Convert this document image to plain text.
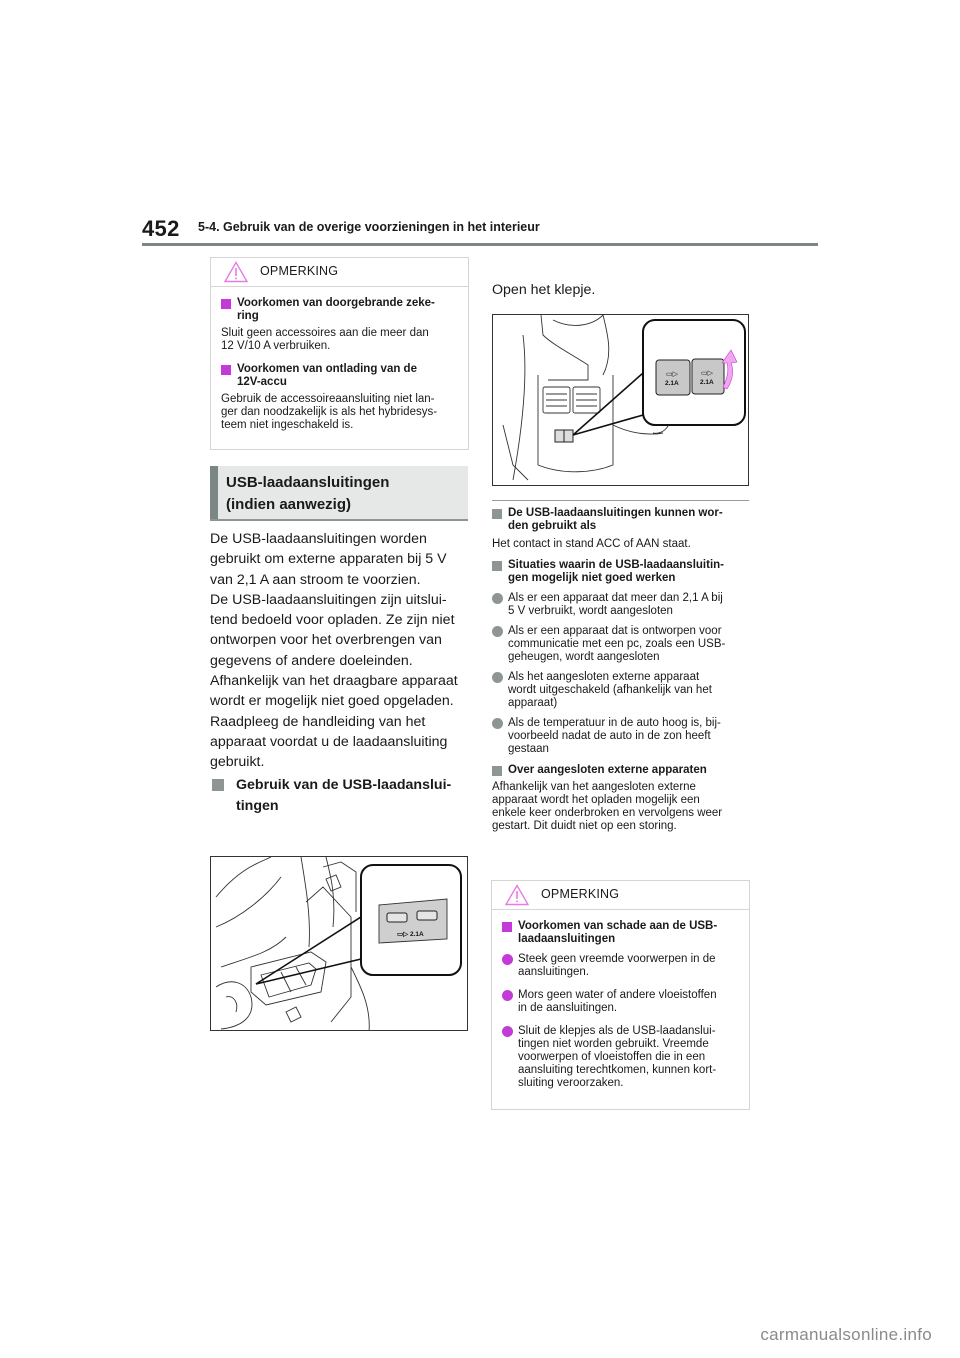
452 5-4. Gebruik van de overige voorzieningen in het interieur
OPMERKING
Voorkomen van doorgebrande zeke-
ring
Sluit geen accessoires aan die meer dan
12 V/10 A verbruiken.
Voorkomen van ontlading van de
12V-accu
Gebruik de accessoireaansluiting niet lan-
ger dan noodzakelijk is als het hybridesys-
teem niet ingeschakeld is.
USB-laadaansluitingen
(indien aanwezig)
De USB-laadaansluitingen worden
gebruikt om externe apparaten bij 5 V
van 2,1 A aan stroom te voorzien.
De USB-laadaansluitingen zijn uitslui-
tend bedoeld voor opladen. Ze zijn niet
ontworpen voor het overbrengen van
gegevens of andere doeleinden.
Afhankelijk van het draagbare apparaat
wordt er mogelijk niet goed opgeladen.
Raadpleeg de handleiding van het
apparaat voordat u de laadaansluiting
gebruikt.
Gebruik van de USB-laadanslui-
tingen
▭▷ 2.1A
Open het klepje.
2.1A	2.1A
▭▷	▭▷
De USB-laadaansluitingen kunnen wor-
den gebruikt als
Het contact in stand ACC of AAN staat.
Situaties waarin de USB-laadaansluitin-
gen mogelijk niet goed werken
Als er een apparaat dat meer dan 2,1 A bij
5 V verbruikt, wordt aangesloten
Als er een apparaat dat is ontworpen voor
communicatie met een pc, zoals een USB-
geheugen, wordt aangesloten
Als het aangesloten externe apparaat
wordt uitgeschakeld (afhankelijk van het
apparaat)
Als de temperatuur in de auto hoog is, bij-
voorbeeld nadat de auto in de zon heeft
gestaan
Over aangesloten externe apparaten
Afhankelijk van het aangesloten externe
apparaat wordt het opladen mogelijk een
enkele keer onderbroken en vervolgens weer
gestart. Dit duidt niet op een storing.
OPMERKING
Voorkomen van schade aan de USB-
laadaansluitingen
Steek geen vreemde voorwerpen in de
aansluitingen.
Mors geen water of andere vloeistoffen
in de aansluitingen.
Sluit de klepjes als de USB-laadanslui-
tingen niet worden gebruikt. Vreemde
voorwerpen of vloeistoffen die in een
aansluiting terechtkomen, kunnen kort-
sluiting veroorzaken.
carmanualsonline.info
